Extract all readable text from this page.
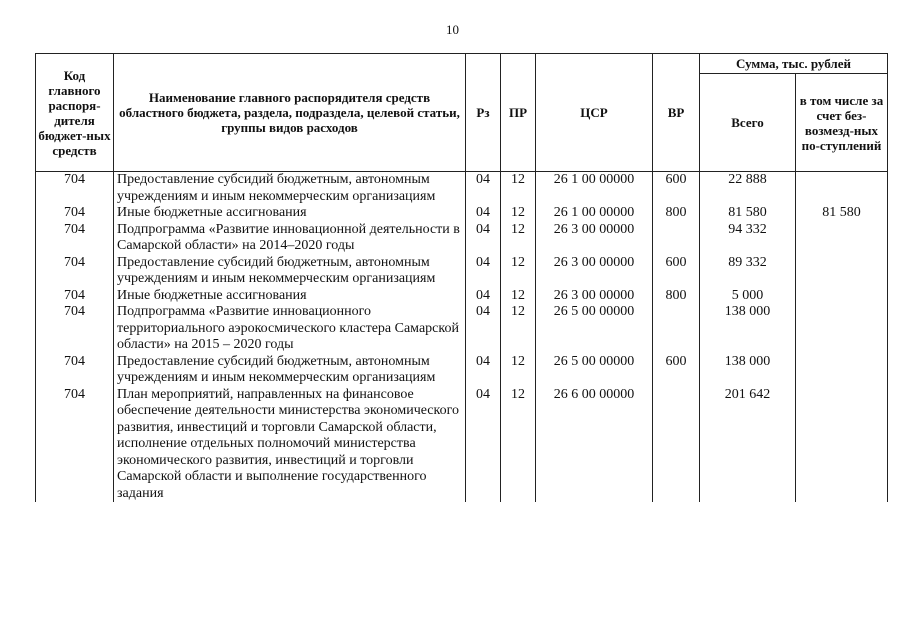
10
Код главного распоря-дителя бюджет-ных средств	Наименование главного распорядителя средств областного бюджета, раздела, подраздела, целевой статьи, группы видов расходов	Рз	ПР	ЦСР	ВР	Сумма, тыс. рублей	
						Всего	в том числе за счет без-возмезд-ных по-ступлений
704	Предоставление субсидий бюджетным, автономным учреждениям и иным некоммерческим организациям	04	12	26 1 00 00000	600	22 888	
704	Иные бюджетные ассигнования	04	12	26 1 00 00000	800	81 580	81 580
704	Подпрограмма «Развитие инновационной деятельности в Самарской области» на 2014–2020 годы	04	12	26 3 00 00000		94 332	
704	Предоставление субсидий бюджетным, автономным учреждениям и иным некоммерческим организациям	04	12	26 3 00 00000	600	89 332	
704	Иные бюджетные ассигнования	04	12	26 3 00 00000	800	5 000	
704	Подпрограмма «Развитие инновационного территориального аэрокосмического кластера Самарской области» на 2015 – 2020 годы	04	12	26 5 00 00000		138 000	
704	Предоставление субсидий бюджетным, автономным учреждениям и иным некоммерческим организациям	04	12	26 5 00 00000	600	138 000	
704	План мероприятий, направленных на финансовое обеспечение деятельности министерства экономического развития, инвестиций и торговли Самарской области, исполнение отдельных полномочий министерства экономического развития, инвестиций и торговли Самарской области и выполнение государственного задания	04	12	26 6 00 00000		201 642	
